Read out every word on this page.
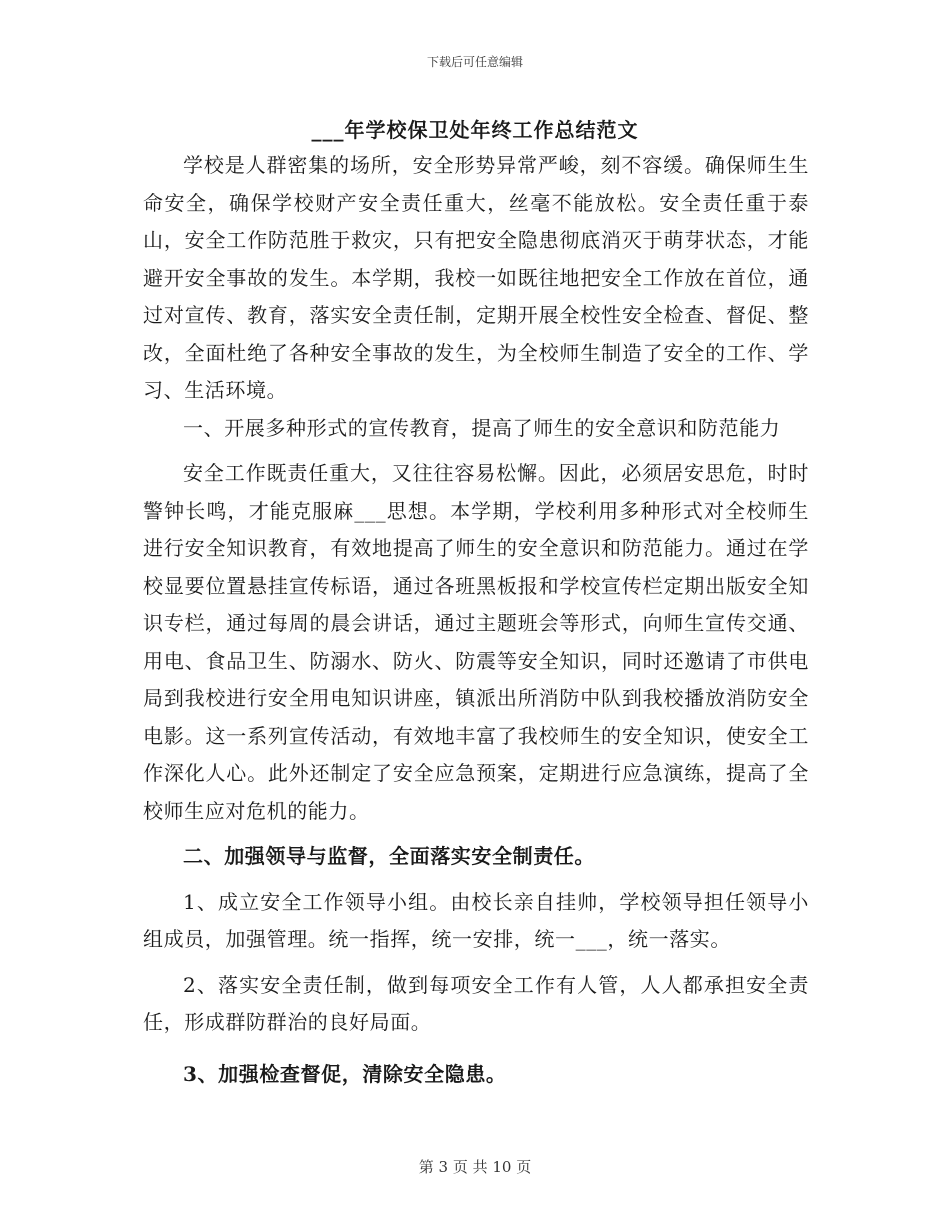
下载后可任意编辑
___年学校保卫处年终工作总结范文

学校是人群密集的场所，安全形势异常严峻，刻不容缓。确保师生生命安全，确保学校财产安全责任重大，丝毫不能放松。安全责任重于泰山，安全工作防范胜于救灾，只有把安全隐患彻底消灭于萌芽状态，才能避开安全事故的发生。本学期，我校一如既往地把安全工作放在首位，通过对宣传、教育，落实安全责任制，定期开展全校性安全检查、督促、整改，全面杜绝了各种安全事故的发生，为全校师生制造了安全的工作、学习、生活环境。

一、开展多种形式的宣传教育，提高了师生的安全意识和防范能力

安全工作既责任重大，又往往容易松懈。因此，必须居安思危，时时警钟长鸣，才能克服麻___思想。本学期，学校利用多种形式对全校师生进行安全知识教育，有效地提高了师生的安全意识和防范能力。通过在学校显要位置悬挂宣传标语，通过各班黑板报和学校宣传栏定期出版安全知识专栏，通过每周的晨会讲话，通过主题班会等形式，向师生宣传交通、用电、食品卫生、防溺水、防火、防震等安全知识，同时还邀请了市供电局到我校进行安全用电知识讲座，镇派出所消防中队到我校播放消防安全电影。这一系列宣传活动，有效地丰富了我校师生的安全知识，使安全工作深化人心。此外还制定了安全应急预案，定期进行应急演练，提高了全校师生应对危机的能力。

二、加强领导与监督，全面落实安全制责任。

1、成立安全工作领导小组。由校长亲自挂帅，学校领导担任领导小组成员，加强管理。统一指挥，统一安排，统一___，统一落实。

2、落实安全责任制，做到每项安全工作有人管，人人都承担安全责任，形成群防群治的良好局面。

3、加强检查督促，清除安全隐患。

第 3 页 共 10 页
